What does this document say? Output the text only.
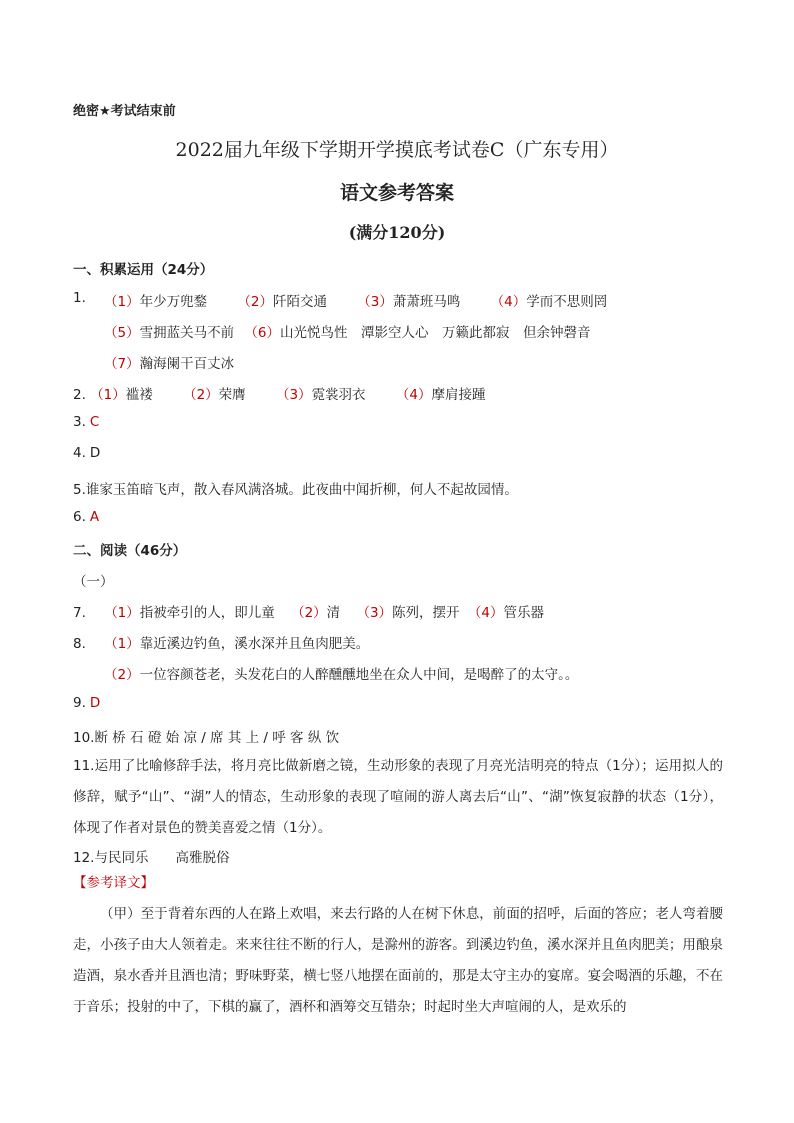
绝密★考试结束前
2022届九年级下学期开学摸底考试卷C（广东专用）
语文参考答案
(满分120分)
一、积累运用（24分）
1. （1）年少万兜鍪 （2）阡陌交通 （3）萧萧班马鸣 （4）学而不思则罔
（5）雪拥蓝关马不前 （6）山光悦鸟性　潭影空人心　万籁此都寂　但余钟磬音
（7）瀚海阑干百丈冰
2. （1）褴褛 （2）荣膺 （3）霓裳羽衣 （4）摩肩接踵
3. C
4. D
5.谁家玉笛暗飞声，散入春风满洛城。此夜曲中闻折柳，何人不起故园情。
6. A
二、阅读（46分）
（一）
7. （1）指被牵引的人，即儿童 （2）清 （3）陈列，摆开 （4）管乐器
8. （1）靠近溪边钓鱼，溪水深并且鱼肉肥美。
（2）一位容颜苍老，头发花白的人醉醺醺地坐在众人中间，是喝醉了的太守。。
9. D
10.断 桥 石 磴 始 凉 / 席 其 上 / 呼 客 纵 饮
11.运用了比喻修辞手法，将月亮比做新磨之镜，生动形象的表现了月亮光洁明亮的特点（1分）；运用拟人的修辞，赋予“山”、“湖”人的情态，生动形象的表现了喧闹的游人离去后“山”、“湖”恢复寂静的状态（1分），体现了作者对景色的赞美喜爱之情（1分）。
12.与民同乐　　高雅脱俗
【参考译文】
（甲）至于背着东西的人在路上欢唱，来去行路的人在树下休息，前面的招呼，后面的答应；老人弯着腰走，小孩子由大人领着走。来来往往不断的行人，是滁州的游客。到溪边钓鱼，溪水深并且鱼肉肥美；用酿泉造酒，泉水香并且酒也清；野味野菜，横七竖八地摆在面前的，那是太守主办的宴席。宴会喝酒的乐趣，不在于音乐；投射的中了，下棋的赢了，酒杯和酒筹交互错杂；时起时坐大声喧闹的人，是欢乐的
